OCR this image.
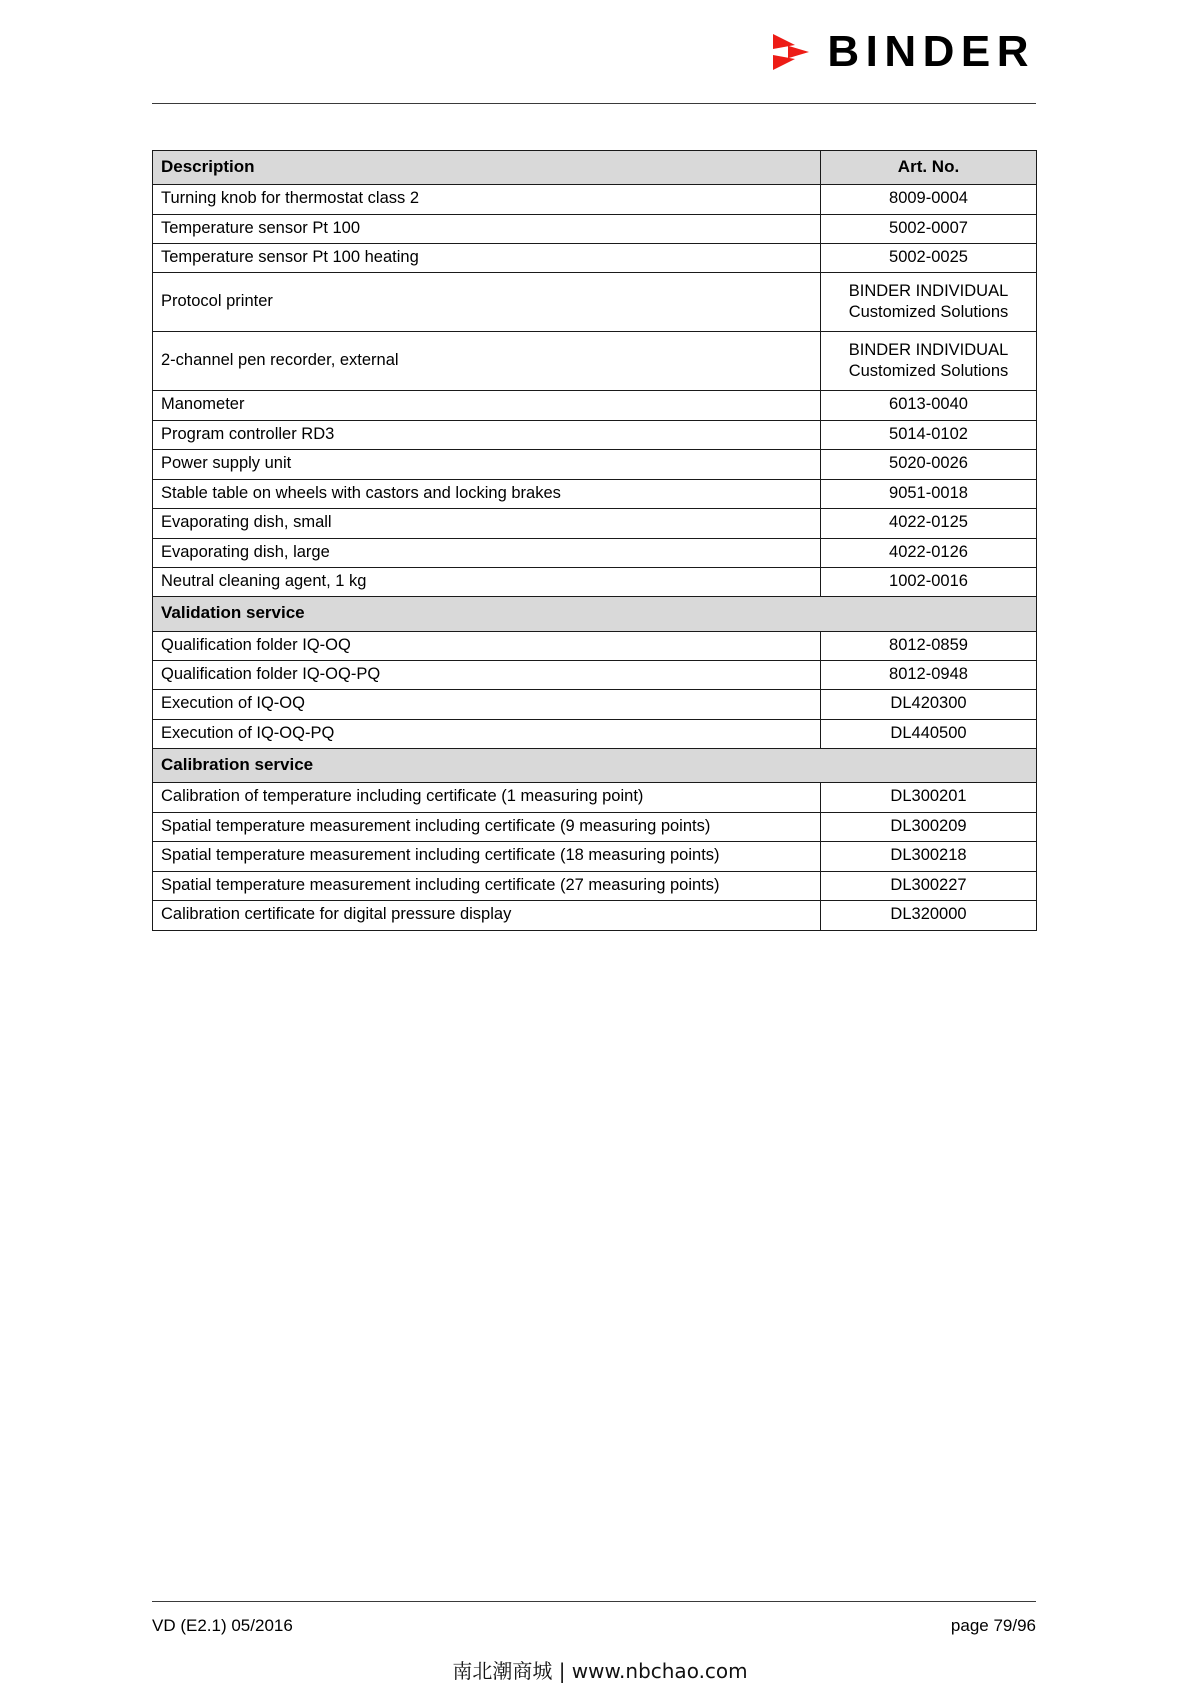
BINDER
Description	Art. No.
Turning knob for thermostat class 2	8009-0004
Temperature sensor Pt 100	5002-0007
Temperature sensor Pt 100 heating	5002-0025
Protocol printer	BINDER INDIVIDUAL
Customized Solutions

2-channel pen recorder, external	BINDER INDIVIDUAL
Customized Solutions

Manometer	6013-0040
Program controller RD3	5014-0102
Power supply unit	5020-0026
Stable table on wheels with castors and locking brakes	9051-0018
Evaporating dish, small	4022-0125
Evaporating dish, large	4022-0126
Neutral cleaning agent, 1 kg	1002-0016
Validation service	
Qualification folder IQ-OQ	8012-0859
Qualification folder IQ-OQ-PQ	8012-0948
Execution of IQ-OQ	DL420300
Execution of IQ-OQ-PQ	DL440500
Calibration service	
Calibration of temperature including certificate (1 measuring point)	DL300201
Spatial temperature measurement including certificate (9 measuring points)	DL300209
Spatial temperature measurement including certificate (18 measuring points)	DL300218
Spatial temperature measurement including certificate (27 measuring points)	DL300227
Calibration certificate for digital pressure display	DL320000
VD (E2.1) 05/2016	page 79/96
南北潮商城 | www.nbchao.com
